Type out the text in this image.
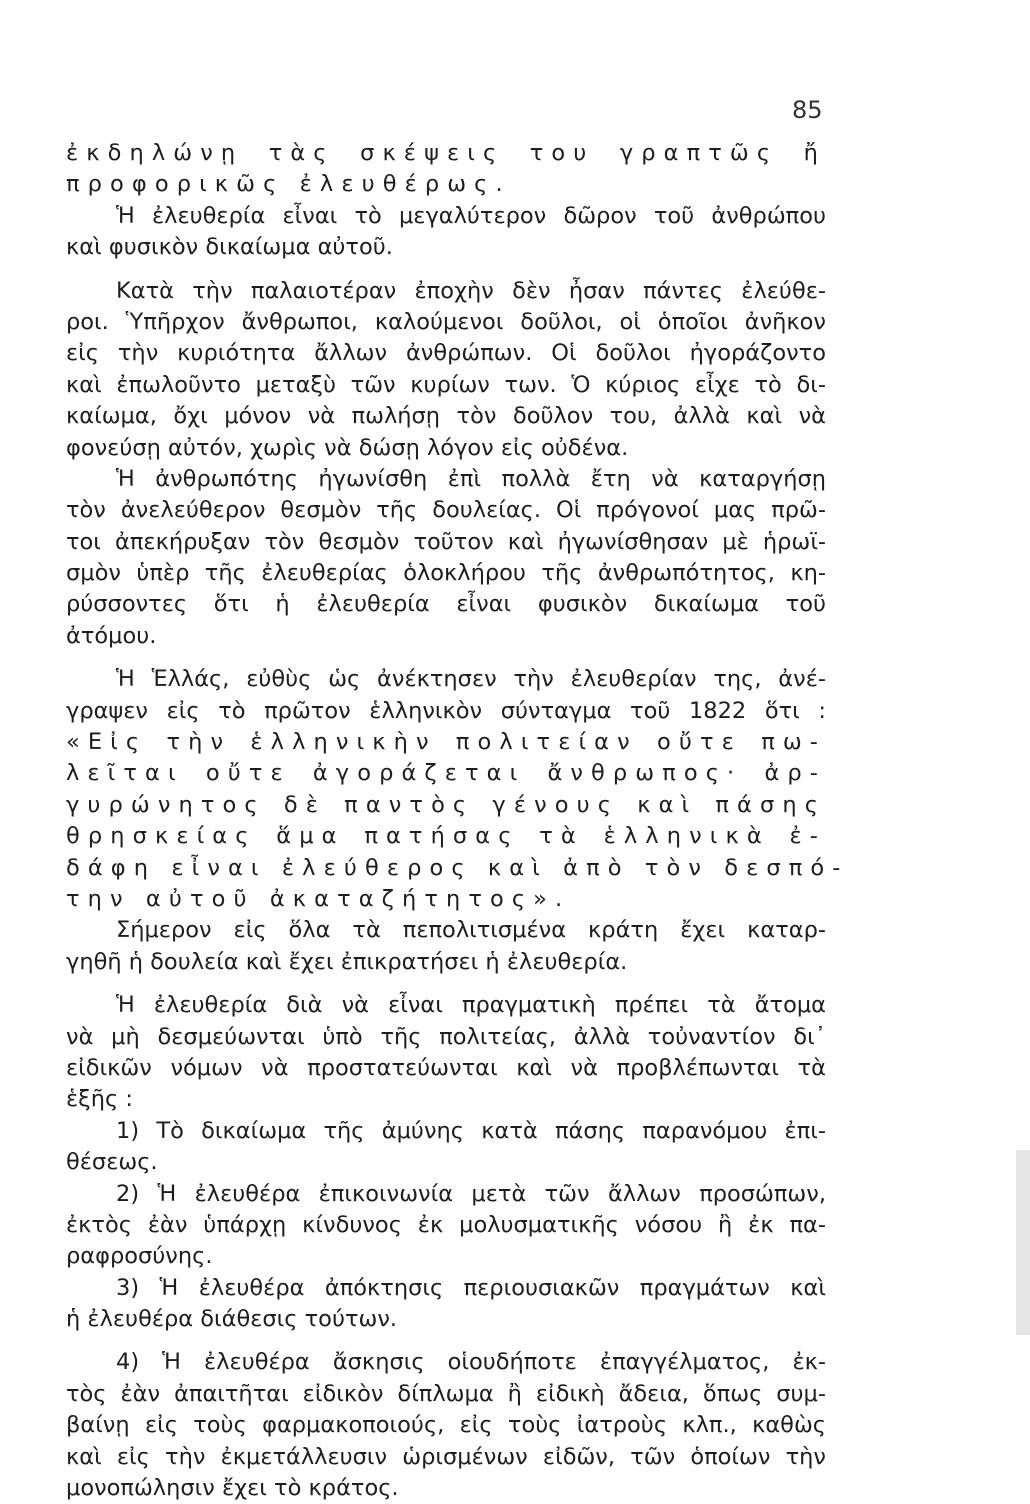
85
ἐκδηλώνῃ τὰς σκέψεις του γραπτῶς ἤ
προφορικῶς ἐλευθέρως.
Ἡ ἐλευθερία εἶναι τὸ μεγαλύτερον δῶρον τοῦ ἀνθρώπου
καὶ φυσικὸν δικαίωμα αὐτοῦ.
Κατὰ τὴν παλαιοτέραν ἐποχὴν δὲν ἦσαν πάντες ἐλεύθε-
ροι. Ὑπῆρχον ἄνθρωποι, καλούμενοι δοῦλοι, οἱ ὁποῖοι ἀνῆκον
εἰς τὴν κυριότητα ἄλλων ἀνθρώπων. Οἱ δοῦλοι ἠγοράζοντο
καὶ ἐπωλοῦντο μεταξὺ τῶν κυρίων των. Ὁ κύριος εἶχε τὸ δι-
καίωμα, ὄχι μόνον νὰ πωλήσῃ τὸν δοῦλον του, ἀλλὰ καὶ νὰ
φονεύσῃ αὐτόν, χωρὶς νὰ δώσῃ λόγον εἰς οὐδένα.
Ἡ ἀνθρωπότης ἠγωνίσθη ἐπὶ πολλὰ ἔτη νὰ καταργήσῃ
τὸν ἀνελεύθερον θεσμὸν τῆς δουλείας. Οἱ πρόγονοί μας πρῶ-
τοι ἀπεκήρυξαν τὸν θεσμὸν τοῦτον καὶ ἠγωνίσθησαν μὲ ἡρωϊ-
σμὸν ὑπὲρ τῆς ἐλευθερίας ὁλοκλήρου τῆς ἀνθρωπότητος, κη-
ρύσσοντες ὅτι ἡ ἐλευθερία εἶναι φυσικὸν δικαίωμα τοῦ
ἀτόμου.
Ἡ Ἑλλάς, εὐθὺς ὡς ἀνέκτησεν τὴν ἐλευθερίαν της, ἀνέ-
γραψεν εἰς τὸ πρῶτον ἑλληνικὸν σύνταγμα τοῦ 1822 ὅτι :
«Εἰς τὴν ἑλληνικὴν πολιτείαν οὔτε πω-
λεῖται οὔτε ἀγοράζεται ἄνθρωπος· ἀρ-
γυρώνητος δὲ παντὸς γένους καὶ πάσης
θρησκείας ἅμα πατήσας τὰ ἑλληνικὰ ἐ-
δάφη εἶναι ἐλεύθερος καὶ ἀπὸ τὸν δεσπό-
την αὐτοῦ ἀκαταζήτητος».
Σήμερον εἰς ὅλα τὰ πεπολιτισμένα κράτη ἔχει καταρ-
γηθῆ ἡ δουλεία καὶ ἔχει ἐπικρατήσει ἡ ἐλευθερία.
Ἡ ἐλευθερία διὰ νὰ εἶναι πραγματικὴ πρέπει τὰ ἄτομα
νὰ μὴ δεσμεύωνται ὑπὸ τῆς πολιτείας, ἀλλὰ τοὐναντίον δι᾿
εἰδικῶν νόμων νὰ προστατεύωνται καὶ νὰ προβλέπωνται τὰ
ἑξῆς :
1) Τὸ δικαίωμα τῆς ἀμύνης κατὰ πάσης παρανόμου ἐπι-
θέσεως.
2) Ἡ ἐλευθέρα ἐπικοινωνία μετὰ τῶν ἄλλων προσώπων,
ἐκτὸς ἐὰν ὑπάρχῃ κίνδυνος ἐκ μολυσματικῆς νόσου ἢ ἐκ πα-
ραφροσύνης.
3) Ἡ ἐλευθέρα ἀπόκτησις περιουσιακῶν πραγμάτων καὶ
ἡ ἐλευθέρα διάθεσις τούτων.
4) Ἡ ἐλευθέρα ἄσκησις οἱουδήποτε ἐπαγγέλματος, ἐκ-
τὸς ἐὰν ἀπαιτῆται εἰδικὸν δίπλωμα ἢ εἰδικὴ ἄδεια, ὅπως συμ-
βαίνῃ εἰς τοὺς φαρμακοποιούς, εἰς τοὺς ἰατροὺς κλπ., καθὼς
καὶ εἰς τὴν ἐκμετάλλευσιν ὡρισμένων εἰδῶν, τῶν ὁποίων τὴν
μονοπώλησιν ἔχει τὸ κράτος.
